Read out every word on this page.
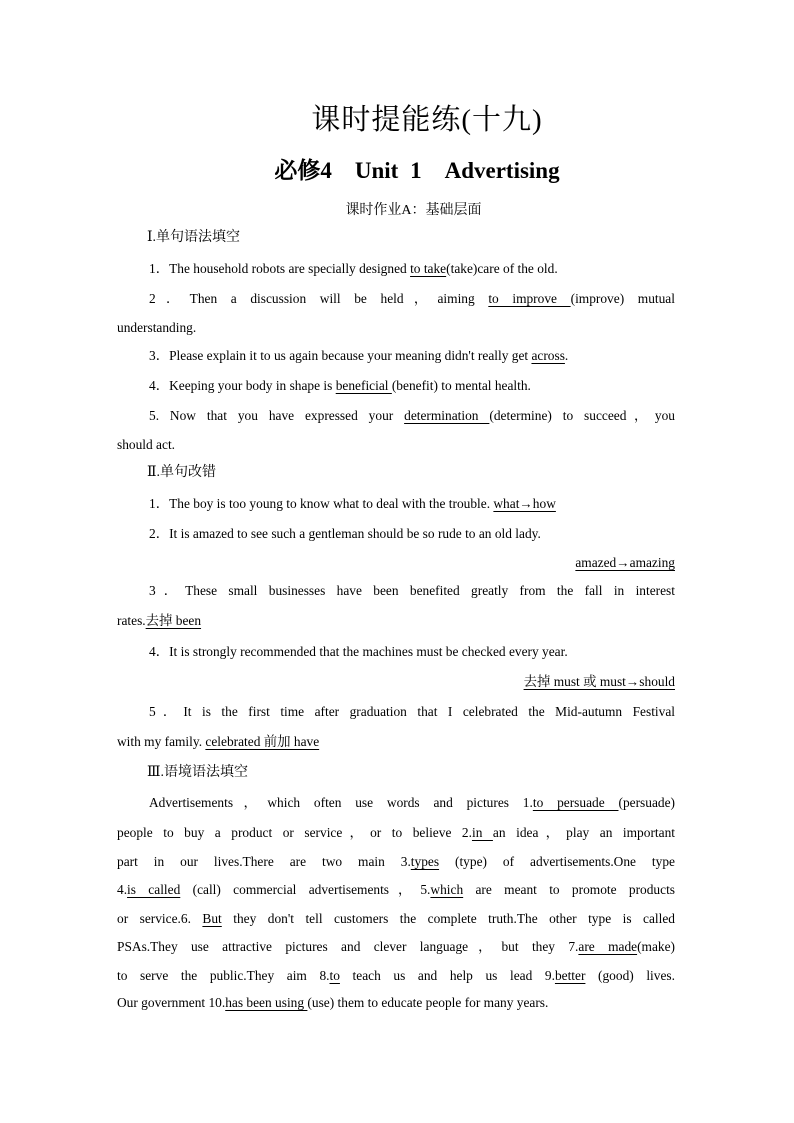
课时提能练(十九)
必修4　Unit 1　Advertising
课时作业A：基础层面
Ⅰ.单句语法填空
1．The household robots are specially designed to take(take)care of the old.
2．Then a discussion will be held，aiming to improve (improve) mutual
understanding.
3．Please explain it to us again because your meaning didn't really get across.
4．Keeping your body in shape is beneficial (benefit) to mental health.
5. Now that you have expressed your determination (determine) to succeed，you
should act.
Ⅱ.单句改错
1．The boy is too young to know what to deal with the trouble. what→how
2．It is amazed to see such a gentleman should be so rude to an old lady.
amazed→amazing
3．These small businesses have been benefited greatly from the fall in interest
rates.去掉 been
4．It is strongly recommended that the machines must be checked every year.
去掉 must 或 must→should
5．It is the first time after graduation that I celebrated the Mid-autumn Festival
with my family. celebrated 前加 have
Ⅲ.语境语法填空
Advertisements，which often use words and pictures 1.to persuade (persuade)
people to buy a product or service，or to believe 2.in an idea，play an important
part in our lives.There are two main 3.types (type) of advertisements.One type
4.is called (call) commercial advertisements，5.which are meant to promote products
or service.6. But they don't tell customers the complete truth.The other type is called
PSAs.They use attractive pictures and clever language，but they 7.are made(make)
to serve the public.They aim 8.to teach us and help us lead 9.better (good) lives.
Our government 10.has been using (use) them to educate people for many years.
